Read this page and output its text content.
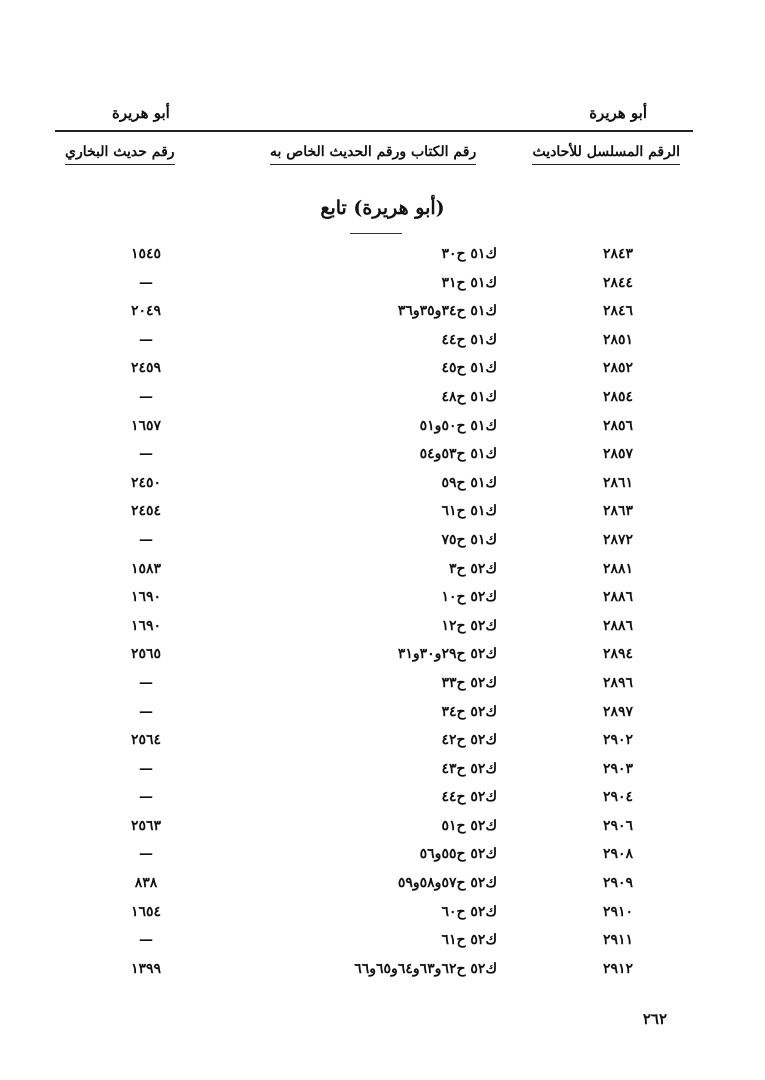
أبو هريرة
أبو هريرة
الرقم المسلسل للأحاديث
رقم الكتاب ورقم الحديث الخاص به
رقم حديث البخاري
(أبو هريرة) تابع
٢٨٤٣
ك٥١ ح٣٠
١٥٤٥
٢٨٤٤
ك٥١ ح٣١
—
٢٨٤٦
ك٥١ ح٣٤و٣٥و٣٦
٢٠٤٩
٢٨٥١
ك٥١ ح٤٤
—
٢٨٥٢
ك٥١ ح٤٥
٢٤٥٩
٢٨٥٤
ك٥١ ح٤٨
—
٢٨٥٦
ك٥١ ح٥٠و٥١
١٦٥٧
٢٨٥٧
ك٥١ ح٥٣و٥٤
—
٢٨٦١
ك٥١ ح٥٩
٢٤٥٠
٢٨٦٣
ك٥١ ح٦١
٢٤٥٤
٢٨٧٢
ك٥١ ح٧٥
—
٢٨٨١
ك٥٢ ح٣
١٥٨٣
٢٨٨٦
ك٥٢ ح١٠
١٦٩٠
٢٨٨٦
ك٥٢ ح١٢
١٦٩٠
٢٨٩٤
ك٥٢ ح٢٩و٣٠و٣١
٢٥٦٥
٢٨٩٦
ك٥٢ ح٣٣
—
٢٨٩٧
ك٥٢ ح٣٤
—
٢٩٠٢
ك٥٢ ح٤٢
٢٥٦٤
٢٩٠٣
ك٥٢ ح٤٣
—
٢٩٠٤
ك٥٢ ح٤٤
—
٢٩٠٦
ك٥٢ ح٥١
٢٥٦٣
٢٩٠٨
ك٥٢ ح٥٥و٥٦
—
٢٩٠٩
ك٥٢ ح٥٧و٥٨و٥٩
٨٣٨
٢٩١٠
ك٥٢ ح٦٠
١٦٥٤
٢٩١١
ك٥٢ ح٦١
—
٢٩١٢
ك٥٢ ح٦٢و٦٣و٦٤و٦٥و٦٦
١٣٩٩
٢٦٢
